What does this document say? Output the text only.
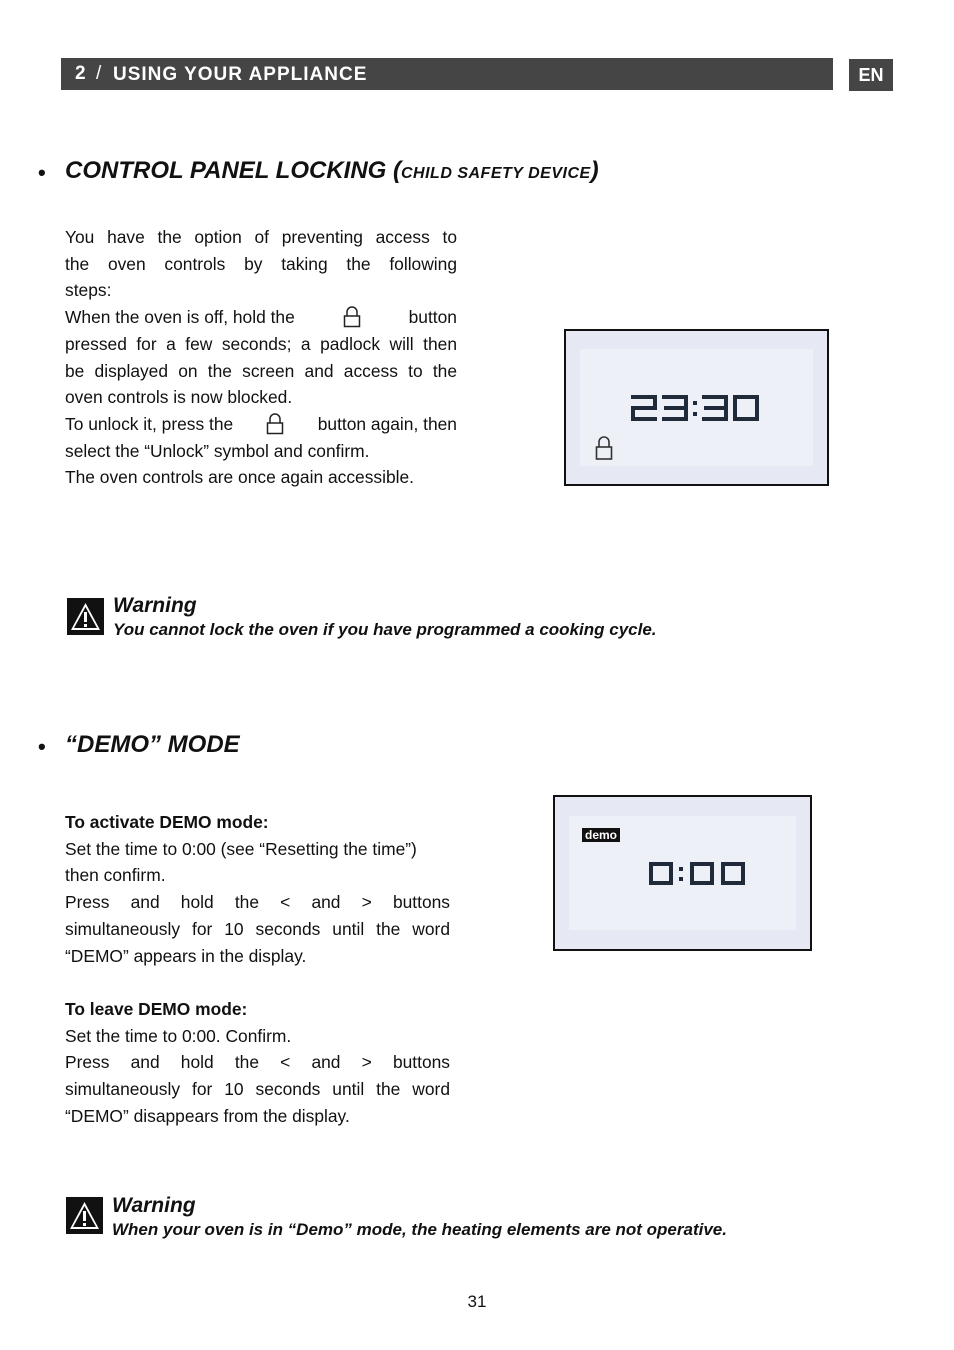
2 / USING YOUR APPLIANCE	EN
• CONTROL PANEL LOCKING (CHILD SAFETY DEVICE)
You have the option of preventing access to
the oven controls by taking the following
steps:
When the oven is off, hold the	button
pressed for a few seconds; a padlock will then
be displayed on the screen and access to the
oven controls is now blocked.
To unlock it, press the	button again, then
select the “Unlock” symbol and confirm.
The oven controls are once again accessible.
Warning
You cannot lock the oven if you have programmed a cooking cycle.
• “DEMO” MODE
To activate DEMO mode:
Set the time to 0:00 (see “Resetting the time”)
then confirm.
Press and hold the < and > buttons
simultaneously for 10 seconds until the word
“DEMO” appears in the display.
To leave DEMO mode:
Set the time to 0:00. Confirm.
Press and hold the < and > buttons
simultaneously for 10 seconds until the word
“DEMO” disappears from the display.
demo
Warning
When your oven is in “Demo” mode, the heating elements are not operative.
31
